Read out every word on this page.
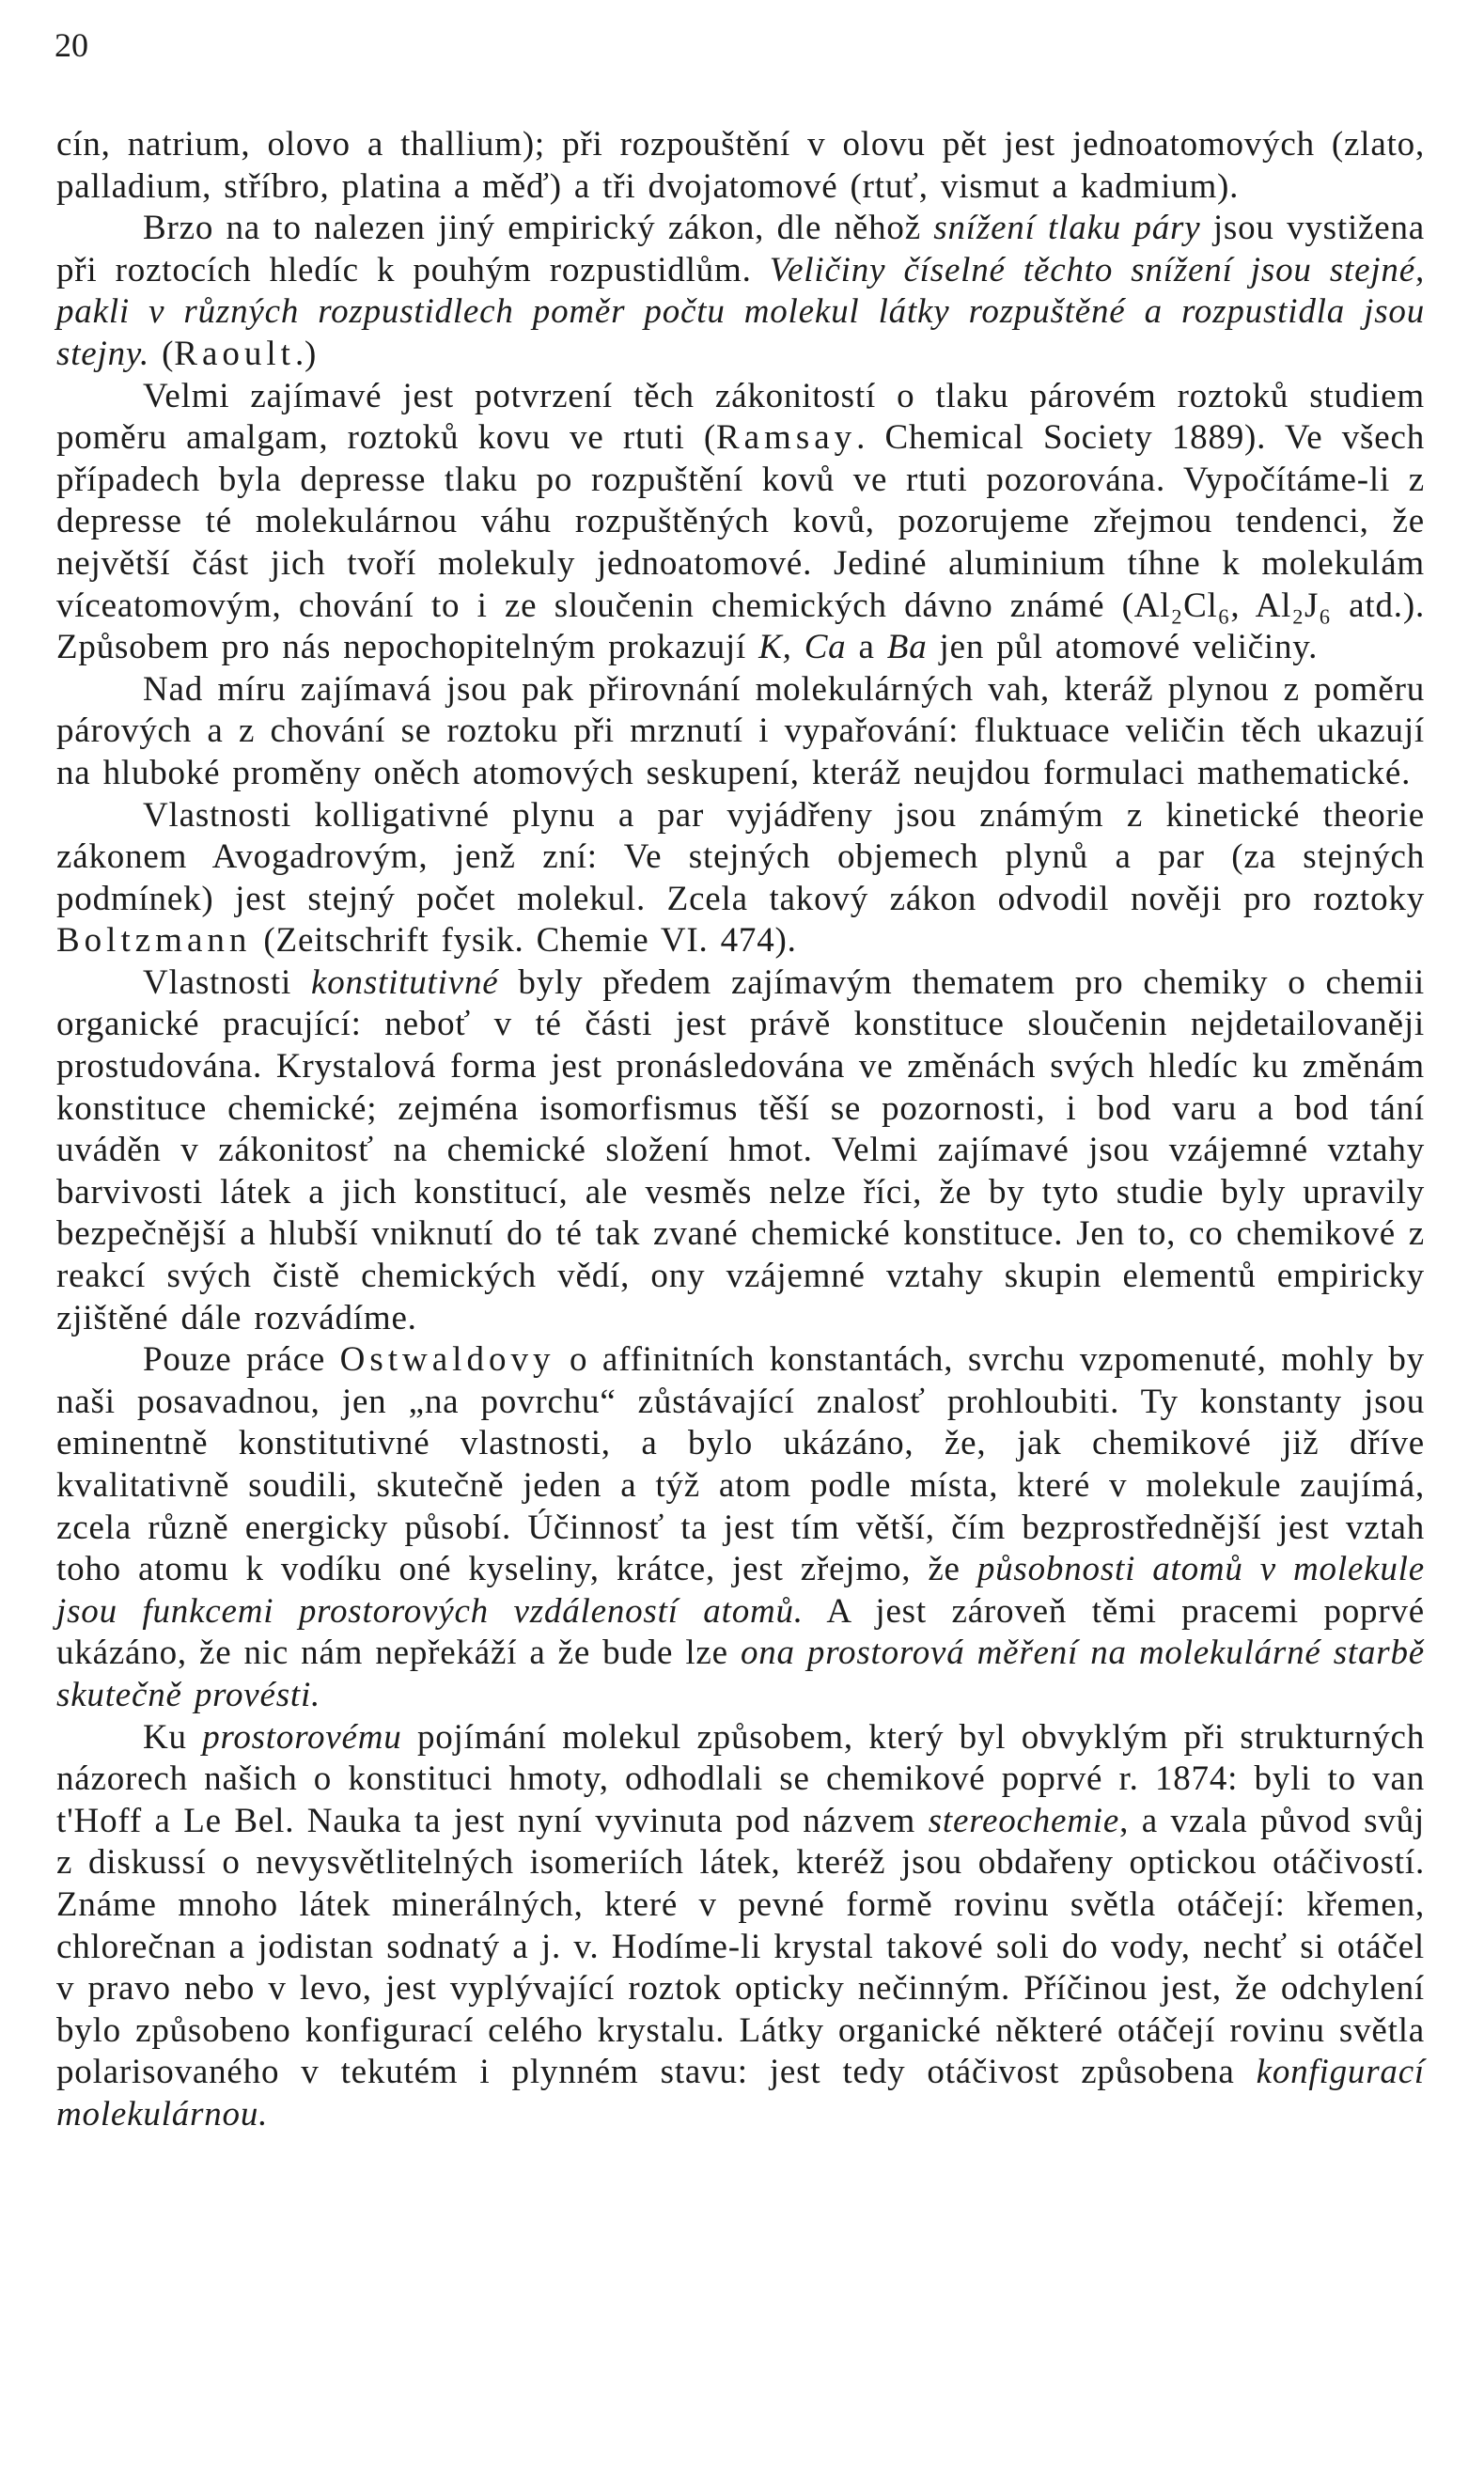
20

cín, natrium, olovo a thallium); při rozpouštění v olovu pět jest jednoatomových (zlato, palladium, stříbro, platina a měď) a tři dvojatomové (rtuť, vismut a kadmium).

Brzo na to nalezen jiný empirický zákon, dle něhož snížení tlaku páry jsou vystižena při roztocích hledíc k pouhým rozpustidlům. Veličiny číselné těchto snížení jsou stejné, pakli v různých rozpustidlech poměr počtu molekul látky rozpuštěné a rozpustidla jsou stejny. (Raoult.)

Velmi zajímavé jest potvrzení těch zákonitostí o tlaku párovém roztoků studiem poměru amalgam, roztoků kovu ve rtuti (Ramsay. Chemical Society 1889). Ve všech případech byla depresse tlaku po rozpuštění kovů ve rtuti pozorována. Vypočítáme-li z depresse té molekulárnou váhu rozpuštěných kovů, pozorujeme zřejmou tendenci, že největší část jich tvoří molekuly jednoatomové. Jediné aluminium tíhne k molekulám víceatomovým, chování to i ze sloučenin chemických dávno známé (Al₂Cl₆, Al₂J₆ atd.). Způsobem pro nás nepochopitelným prokazují K, Ca a Ba jen půl atomové veličiny.

Nad míru zajímavá jsou pak přirovnání molekulárných vah, kteráž plynou z poměru párových a z chování se roztoku při mrznutí i vypařování: fluktuace veličin těch ukazují na hluboké proměny oněch atomových seskupení, kteráž neujdou formulaci mathematické.

Vlastnosti kolligativné plynu a par vyjádřeny jsou známým z kinetické theorie zákonem Avogadrovým, jenž zní: Ve stejných objemech plynů a par (za stejných podmínek) jest stejný počet molekul. Zcela takový zákon odvodil nověji pro roztoky Boltzmann (Zeitschrift fysik. Chemie VI. 474).

Vlastnosti konstitutivné byly předem zajímavým thematem pro chemiky o chemii organické pracující: neboť v té části jest právě konstituce sloučenin nejdetailovaněji prostudována. Krystalová forma jest pronásledována ve změnách svých hledíc ku změnám konstituce chemické; zejména isomorfismus těší se pozornosti, i bod varu a bod tání uváděn v zákonitosť na chemické složení hmot. Velmi zajímavé jsou vzájemné vztahy barvivosti látek a jich konstitucí, ale vesměs nelze říci, že by tyto studie byly upravily bezpečnější a hlubší vniknutí do té tak zvané chemické konstituce. Jen to, co chemikové z reakcí svých čistě chemických vědí, ony vzájemné vztahy skupin elementů empiricky zjištěné dále rozvádíme.

Pouze práce Ostwaldovy o affinitních konstantách, svrchu vzpomenuté, mohly by naši posavadnou, jen „na povrchu“ zůstávající znalosť prohloubiti. Ty konstanty jsou eminentně konstitutivné vlastnosti, a bylo ukázáno, že, jak chemikové již dříve kvalitativně soudili, skutečně jeden a týž atom podle místa, které v molekule zaujímá, zcela různě energicky působí. Účinnosť ta jest tím větší, čím bezprostřednější jest vztah toho atomu k vodíku oné kyseliny, krátce, jest zřejmo, že působnosti atomů v molekule jsou funkcemi prostorových vzdáleností atomů. A jest zároveň těmi pracemi poprvé ukázáno, že nic nám nepřekáží a že bude lze ona prostorová měření na molekulárné starbě skutečně provésti.

Ku prostorovému pojímání molekul způsobem, který byl obvyklým při strukturných názorech našich o konstituci hmoty, odhodlali se chemikové poprvé r. 1874: byli to van t'Hoff a Le Bel. Nauka ta jest nyní vyvinuta pod názvem stereochemie, a vzala původ svůj z diskussí o nevysvětlitelných isomeriích látek, kteréž jsou obdařeny optickou otáčivostí. Známe mnoho látek minerálných, které v pevné formě rovinu světla otáčejí: křemen, chlorečnan a jodistan sodnatý a j. v. Hodíme-li krystal takové soli do vody, nechť si otáčel v pravo nebo v levo, jest vyplývající roztok opticky nečinným. Příčinou jest, že odchylení bylo způsobeno konfigurací celého krystalu. Látky organické některé otáčejí rovinu světla polarisovaného v tekutém i plynném stavu: jest tedy otáčivost způsobena konfigurací molekulárnou.
